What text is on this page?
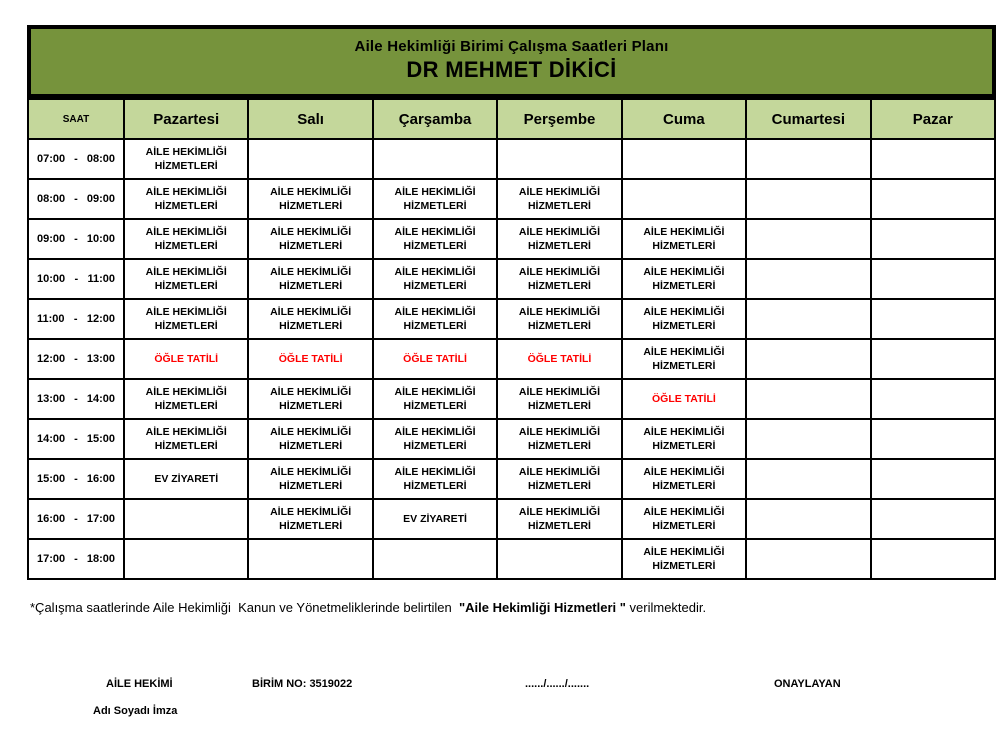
Aile Hekimliği Birimi Çalışma Saatleri Planı
DR MEHMET DİKİCİ
SAAT	Pazartesi	Salı	Çarşamba	Perşembe	Cuma	Cumartesi	Pazar

07:00 - 08:00	AİLE HEKİMLİĞİ HİZMETLERİ						

08:00 - 09:00	AİLE HEKİMLİĞİ HİZMETLERİ	AİLE HEKİMLİĞİ HİZMETLERİ	AİLE HEKİMLİĞİ HİZMETLERİ	AİLE HEKİMLİĞİ HİZMETLERİ			

09:00 - 10:00	AİLE HEKİMLİĞİ HİZMETLERİ	AİLE HEKİMLİĞİ HİZMETLERİ	AİLE HEKİMLİĞİ HİZMETLERİ	AİLE HEKİMLİĞİ HİZMETLERİ	AİLE HEKİMLİĞİ HİZMETLERİ		

10:00 - 11:00	AİLE HEKİMLİĞİ HİZMETLERİ	AİLE HEKİMLİĞİ HİZMETLERİ	AİLE HEKİMLİĞİ HİZMETLERİ	AİLE HEKİMLİĞİ HİZMETLERİ	AİLE HEKİMLİĞİ HİZMETLERİ		

11:00 - 12:00	AİLE HEKİMLİĞİ HİZMETLERİ	AİLE HEKİMLİĞİ HİZMETLERİ	AİLE HEKİMLİĞİ HİZMETLERİ	AİLE HEKİMLİĞİ HİZMETLERİ	AİLE HEKİMLİĞİ HİZMETLERİ		

12:00 - 13:00	ÖĞLE TATİLİ	ÖĞLE TATİLİ	ÖĞLE TATİLİ	ÖĞLE TATİLİ	AİLE HEKİMLİĞİ HİZMETLERİ		

13:00 - 14:00	AİLE HEKİMLİĞİ HİZMETLERİ	AİLE HEKİMLİĞİ HİZMETLERİ	AİLE HEKİMLİĞİ HİZMETLERİ	AİLE HEKİMLİĞİ HİZMETLERİ	ÖĞLE TATİLİ		

14:00 - 15:00	AİLE HEKİMLİĞİ HİZMETLERİ	AİLE HEKİMLİĞİ HİZMETLERİ	AİLE HEKİMLİĞİ HİZMETLERİ	AİLE HEKİMLİĞİ HİZMETLERİ	AİLE HEKİMLİĞİ HİZMETLERİ		

15:00 - 16:00	EV ZİYARETİ	AİLE HEKİMLİĞİ HİZMETLERİ	AİLE HEKİMLİĞİ HİZMETLERİ	AİLE HEKİMLİĞİ HİZMETLERİ	AİLE HEKİMLİĞİ HİZMETLERİ		

16:00 - 17:00		AİLE HEKİMLİĞİ HİZMETLERİ	EV ZİYARETİ	AİLE HEKİMLİĞİ HİZMETLERİ	AİLE HEKİMLİĞİ HİZMETLERİ		

17:00 - 18:00					AİLE HEKİMLİĞİ HİZMETLERİ		

*Çalışma saatlerinde Aile Hekimliği  Kanun ve Yönetmeliklerinde belirtilen  "Aile Hekimliği Hizmetleri " verilmektedir.

AİLE HEKİMİ	BİRİM NO: 3519022	....../....../.......	ONAYLAYAN
Adı Soyadı İmza
